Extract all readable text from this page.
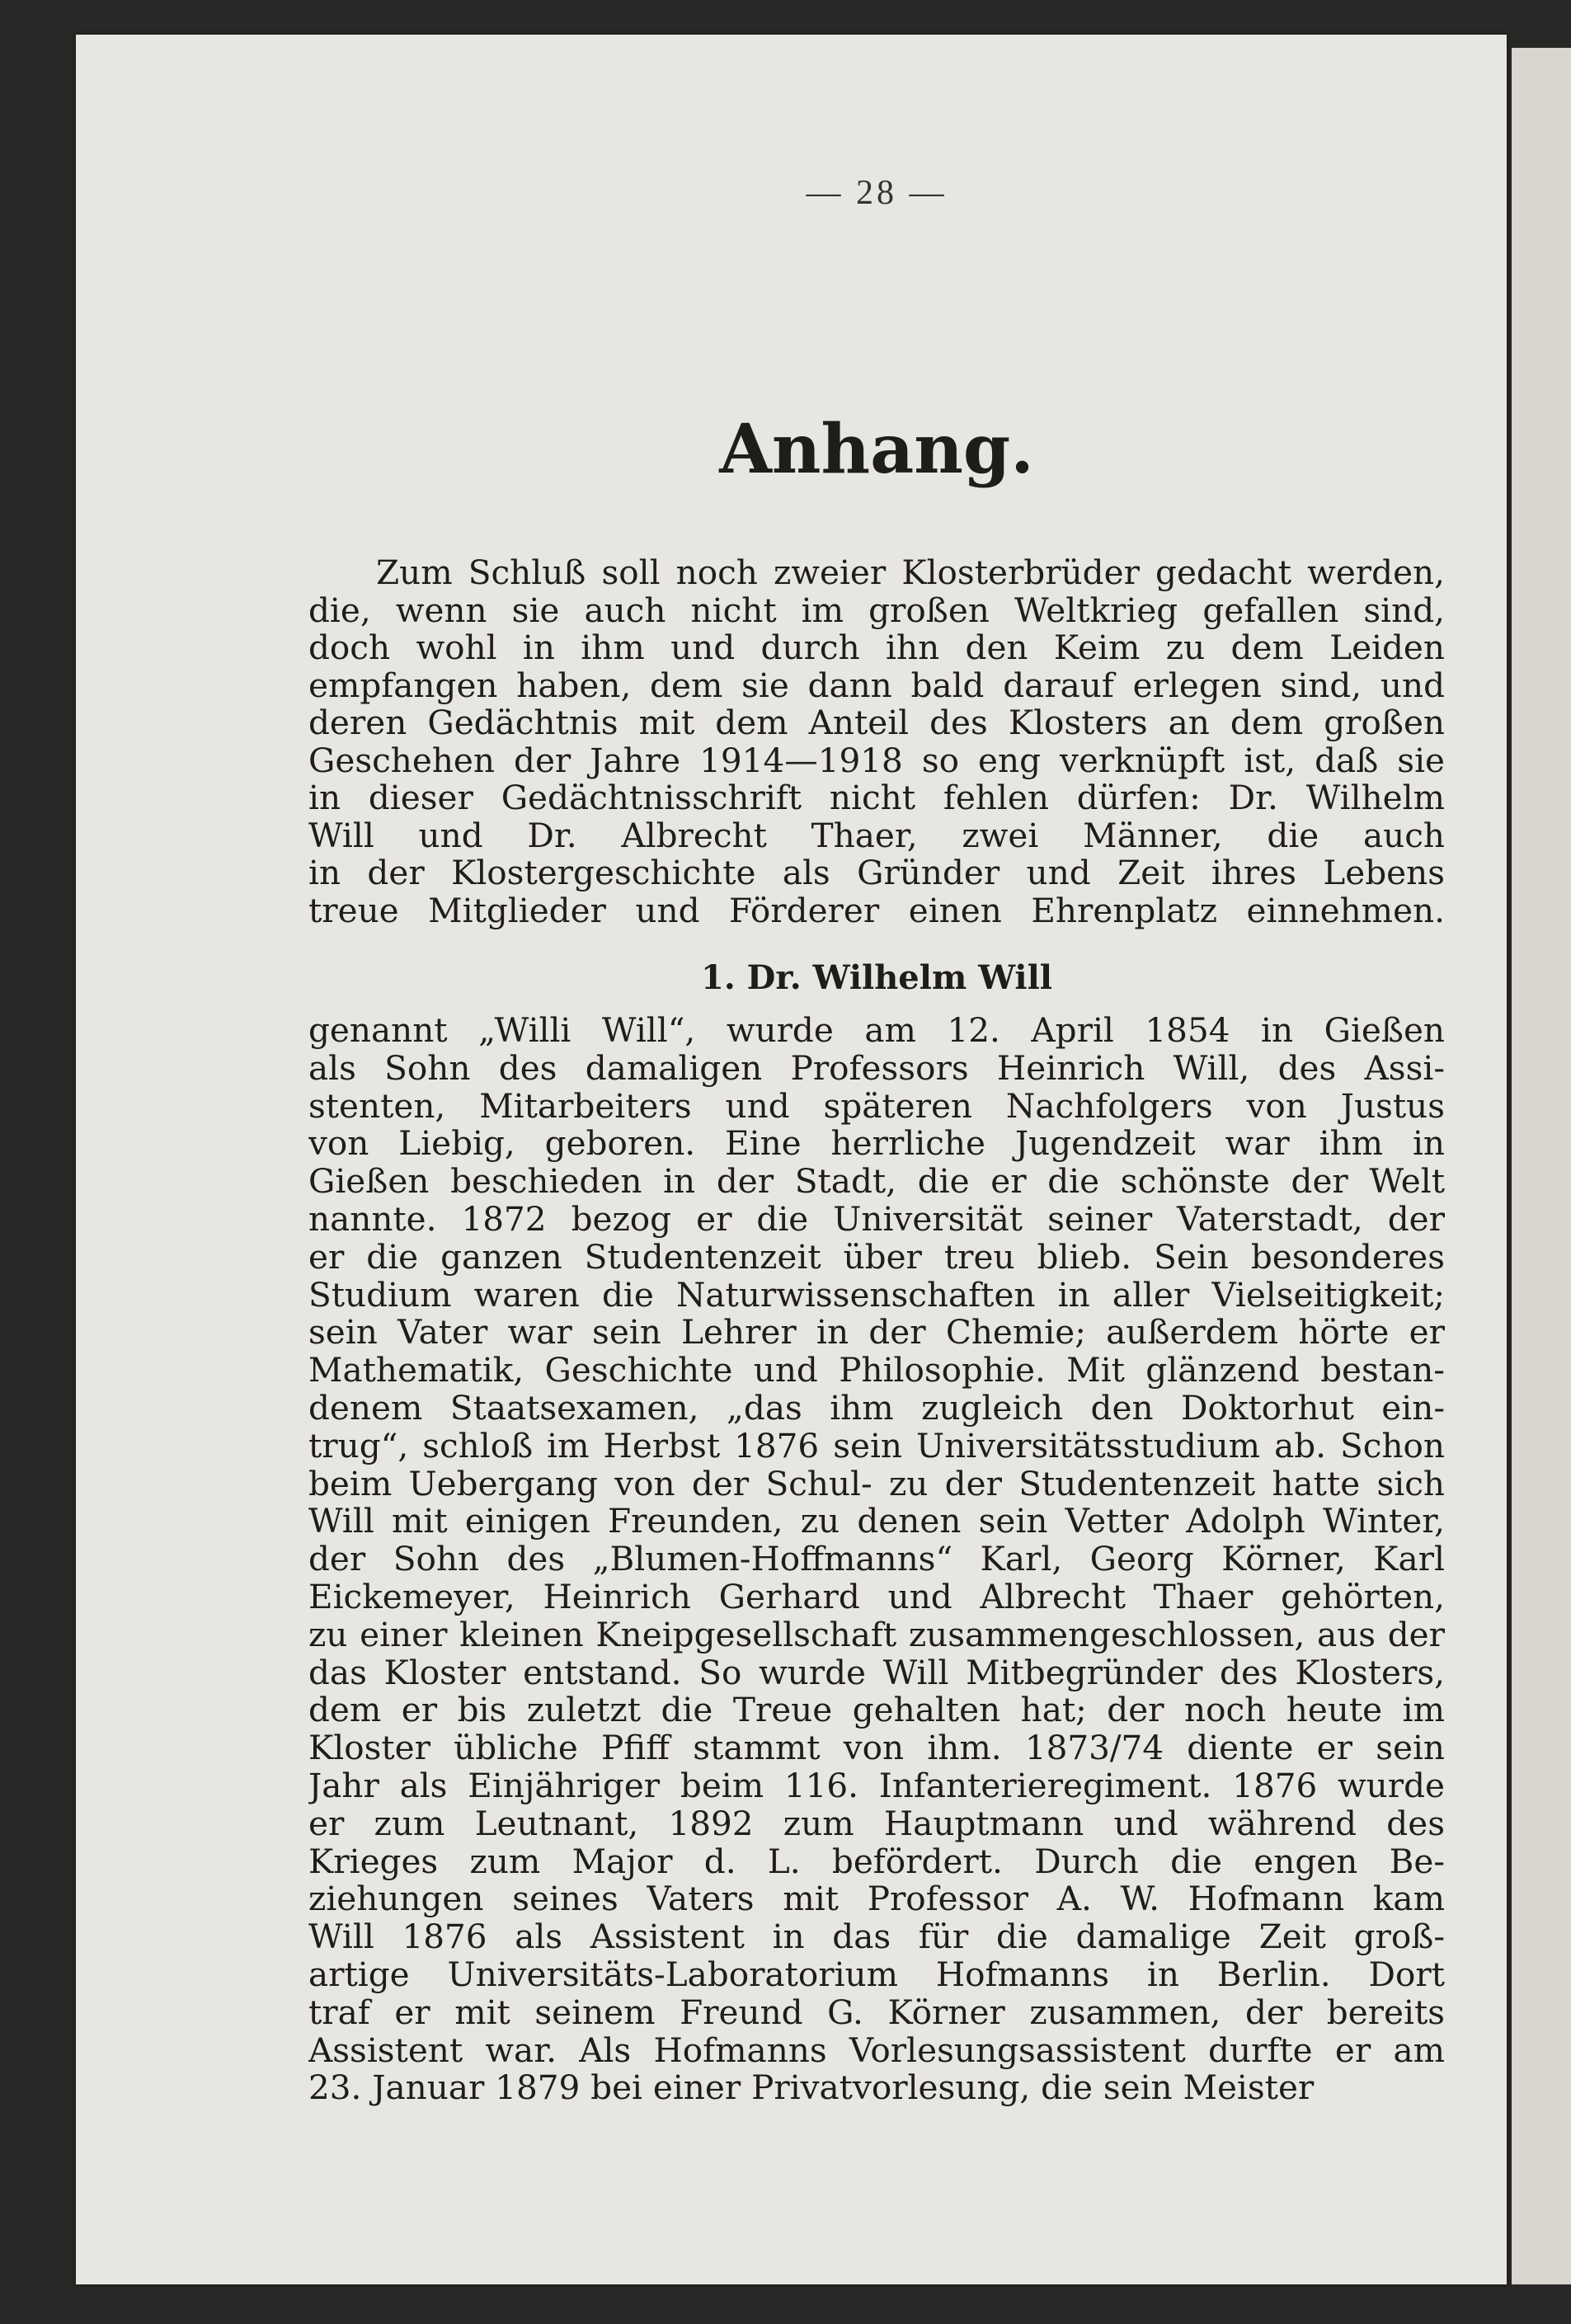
— 28 —
Anhang.
Zum Schluß soll noch zweier Klosterbrüder gedacht werden,
die, wenn sie auch nicht im großen Weltkrieg gefallen sind,
doch wohl in ihm und durch ihn den Keim zu dem Leiden
empfangen haben, dem sie dann bald darauf erlegen sind, und
deren Gedächtnis mit dem Anteil des Klosters an dem großen
Geschehen der Jahre 1914—1918 so eng verknüpft ist, daß sie
in dieser Gedächtnisschrift nicht fehlen dürfen: Dr. Wilhelm
Will und Dr. Albrecht Thaer, zwei Männer, die auch
in der Klostergeschichte als Gründer und Zeit ihres Lebens
treue Mitglieder und Förderer einen Ehrenplatz einnehmen.
1. Dr. Wilhelm Will
genannt „Willi Will“, wurde am 12. April 1854 in Gießen
als Sohn des damaligen Professors Heinrich Will, des Assi-
stenten, Mitarbeiters und späteren Nachfolgers von Justus
von Liebig, geboren. Eine herrliche Jugendzeit war ihm in
Gießen beschieden in der Stadt, die er die schönste der Welt
nannte. 1872 bezog er die Universität seiner Vaterstadt, der
er die ganzen Studentenzeit über treu blieb. Sein besonderes
Studium waren die Naturwissenschaften in aller Vielseitigkeit;
sein Vater war sein Lehrer in der Chemie; außerdem hörte er
Mathematik, Geschichte und Philosophie. Mit glänzend bestan-
denem Staatsexamen, „das ihm zugleich den Doktorhut ein-
trug“, schloß im Herbst 1876 sein Universitätsstudium ab. Schon
beim Uebergang von der Schul- zu der Studentenzeit hatte sich
Will mit einigen Freunden, zu denen sein Vetter Adolph Winter,
der Sohn des „Blumen-Hoffmanns“ Karl, Georg Körner, Karl
Eickemeyer, Heinrich Gerhard und Albrecht Thaer gehörten,
zu einer kleinen Kneipgesellschaft zusammengeschlossen, aus der
das Kloster entstand. So wurde Will Mitbegründer des Klosters,
dem er bis zuletzt die Treue gehalten hat; der noch heute im
Kloster übliche Pfiff stammt von ihm. 1873/74 diente er sein
Jahr als Einjähriger beim 116. Infanterieregiment. 1876 wurde
er zum Leutnant, 1892 zum Hauptmann und während des
Krieges zum Major d. L. befördert. Durch die engen Be-
ziehungen seines Vaters mit Professor A. W. Hofmann kam
Will 1876 als Assistent in das für die damalige Zeit groß-
artige Universitäts-Laboratorium Hofmanns in Berlin. Dort
traf er mit seinem Freund G. Körner zusammen, der bereits
Assistent war. Als Hofmanns Vorlesungsassistent durfte er am
23. Januar 1879 bei einer Privatvorlesung, die sein Meister
